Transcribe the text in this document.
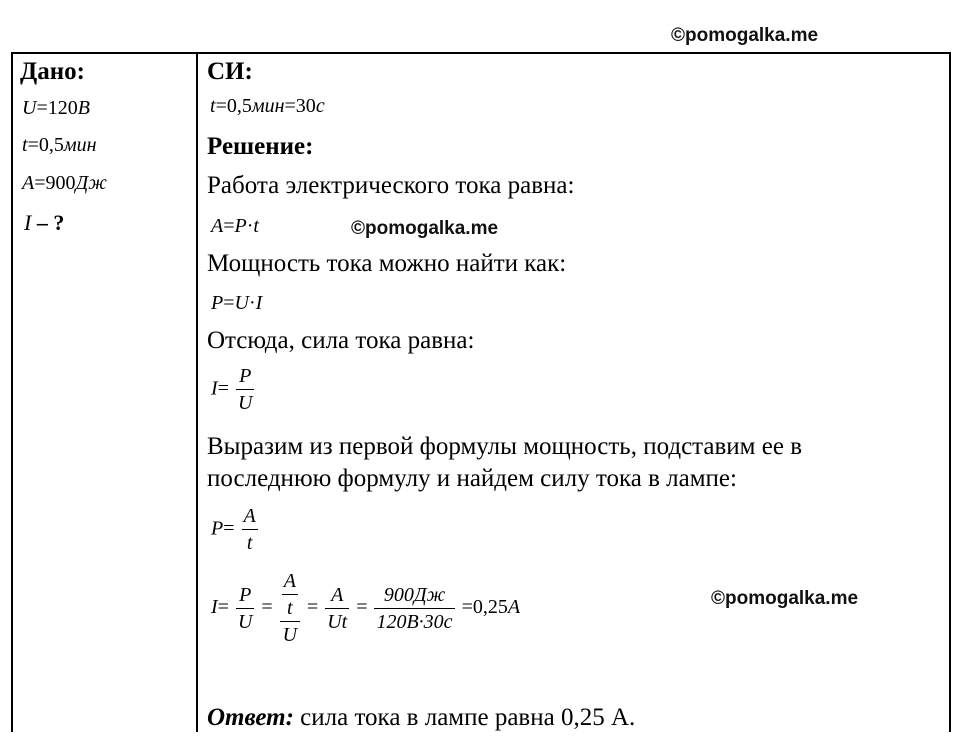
©pomogalka.me
©pomogalka.me
©pomogalka.me
Дано:
U=120B
t=0,5мин
A=900Дж
I – ?
СИ:
t=0,5мин=30с
Решение:
Работа электрического тока равна:
A=P·t
Мощность тока можно найти как:
P=U·I
Отсюда, сила тока равна:
$I= \frac{P}{U}$
Выразим из первой формулы мощность, подставим ее в
последнюю формулу и найдем силу тока в лампе:
$P= \frac{A}{t}$
$I= \frac{P}{U} = \frac{\frac{A}{t}}{U} = \frac{A}{Ut} = \frac{900Дж}{120В\cdot 30с} =0,25A$
Ответ: сила тока в лампе равна 0,25 А.
